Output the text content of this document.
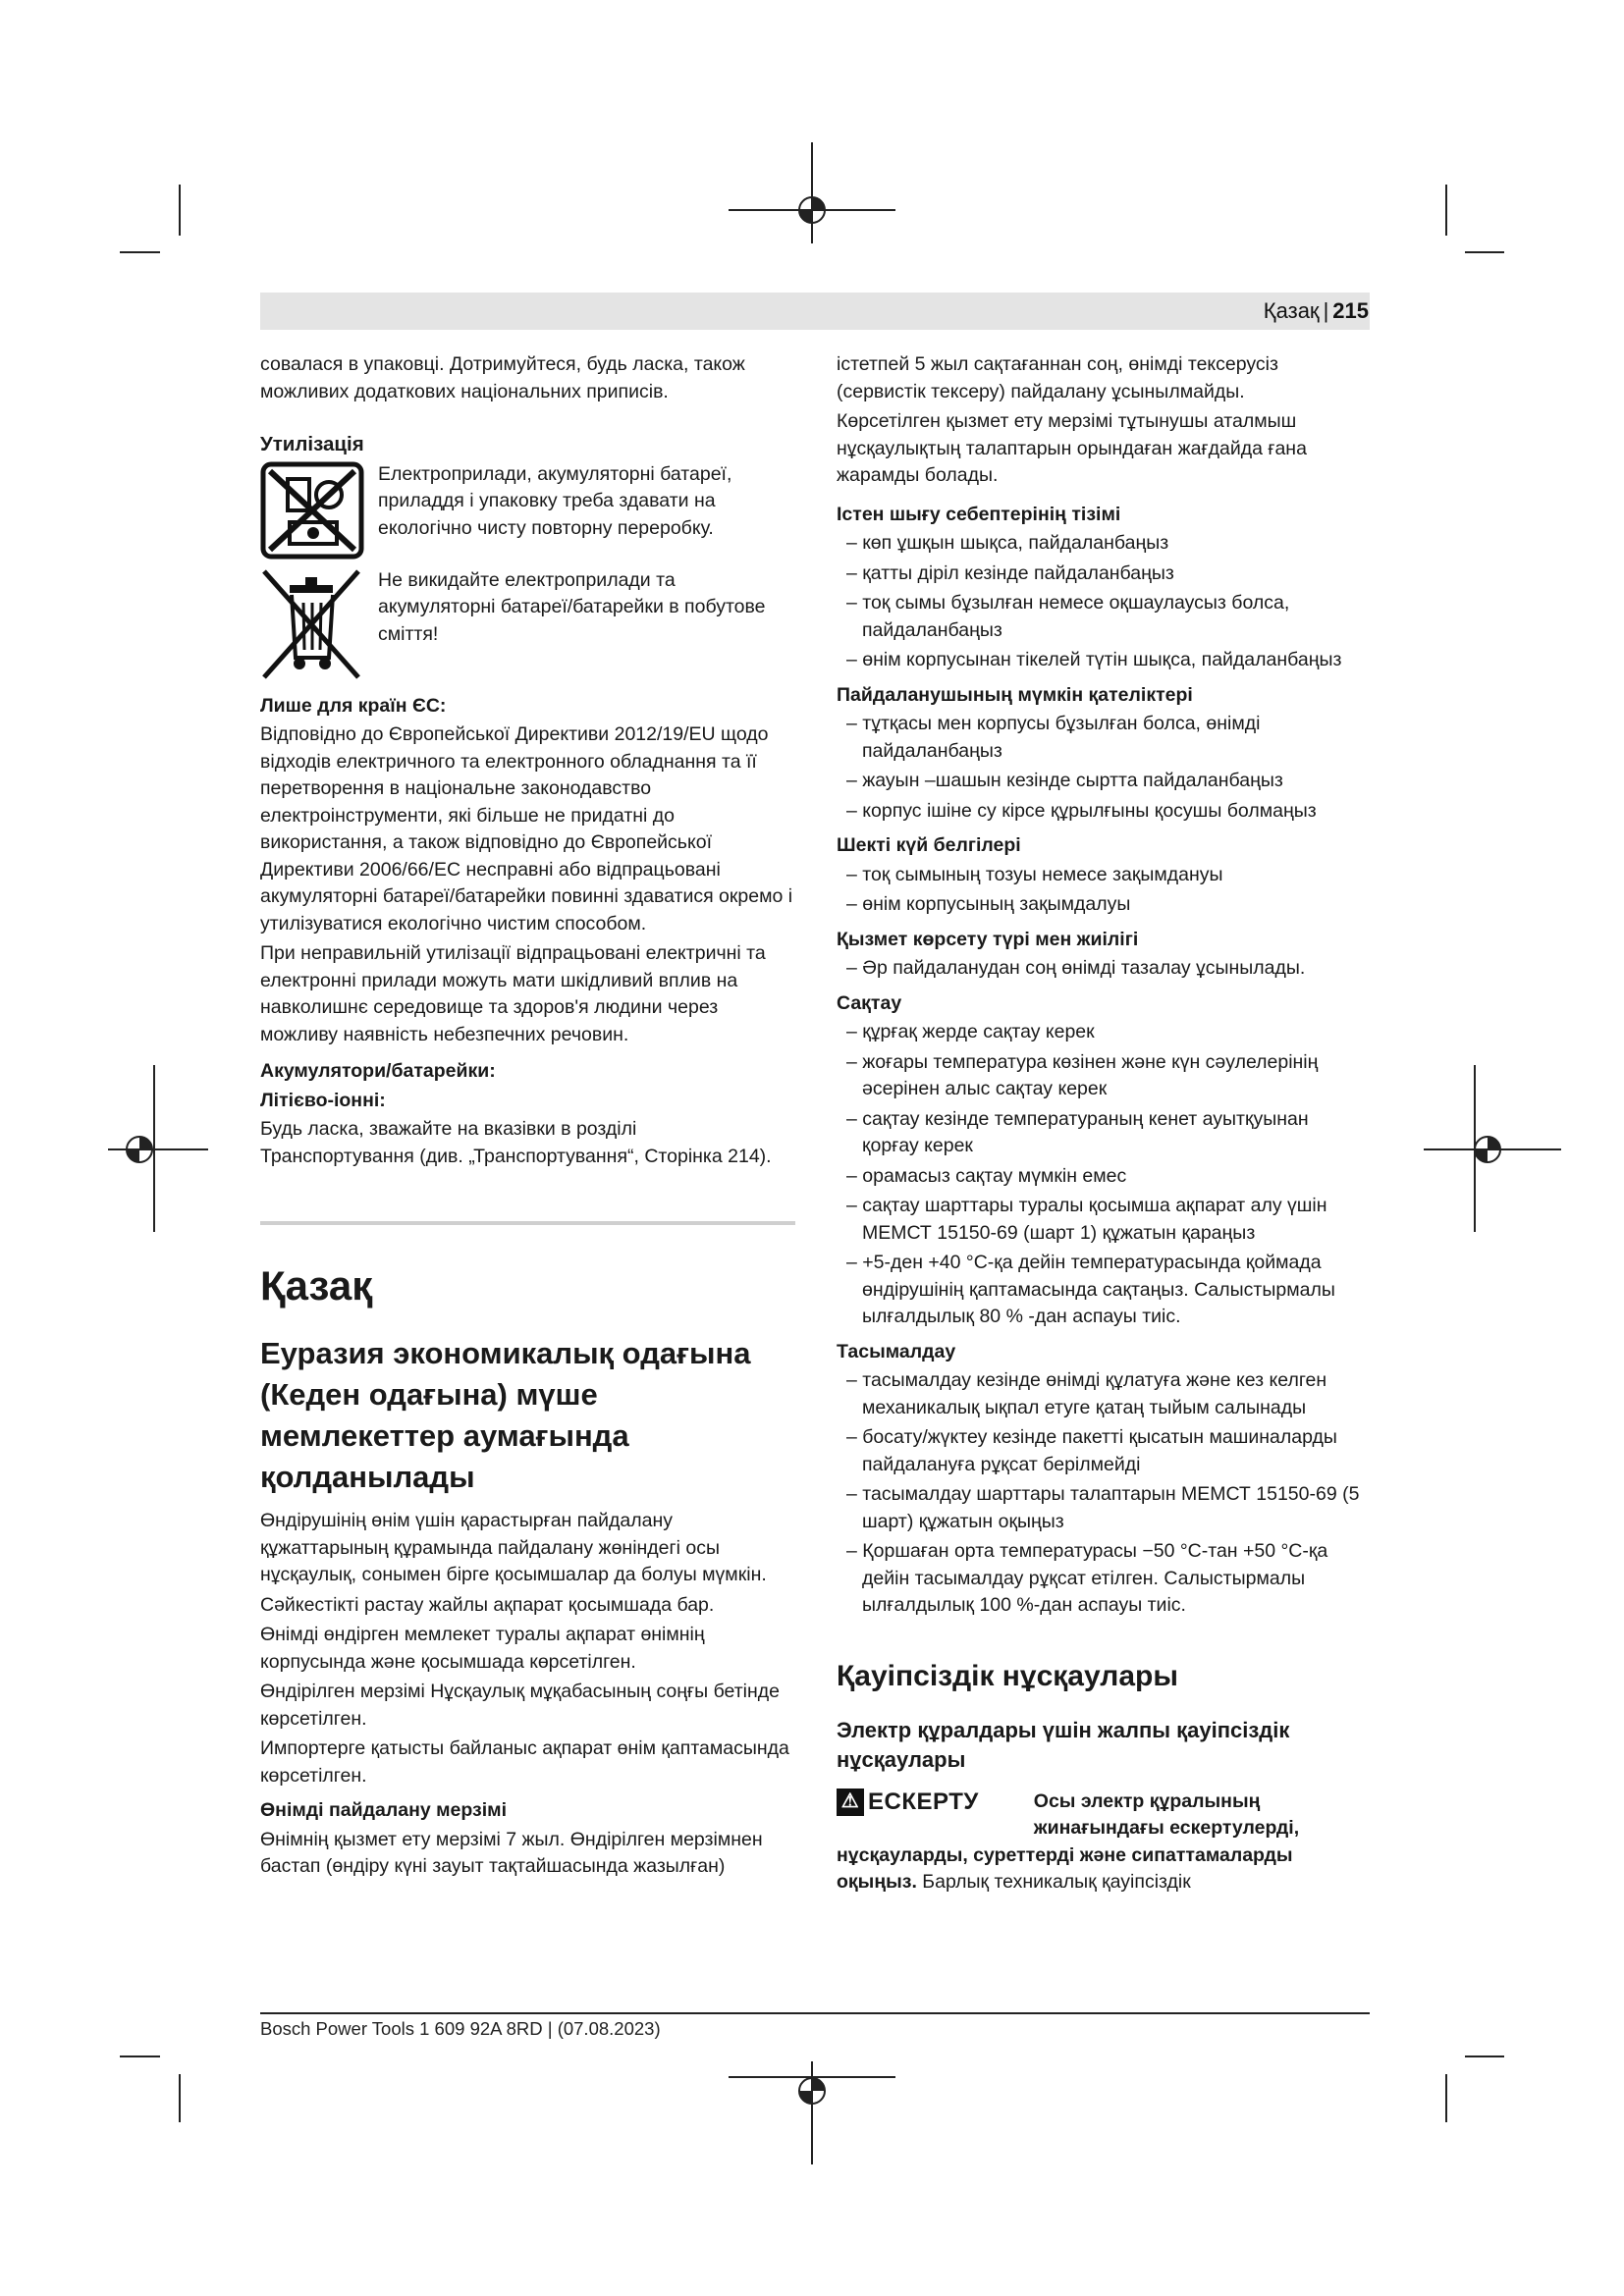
Қазақ | 215

совалася в упаковці. Дотримуйтеся, будь ласка, також можливих додаткових національних приписів.

Утилізація
Електроприлади, акумуляторні батареї, приладдя і упаковку треба здавати на екологічно чисту повторну переробку.
Не викидайте електроприлади та акумуляторні батареї/батарейки в побутове сміття!
Лише для країн ЄС:

Відповідно до Європейської Директиви 2012/19/EU щодо відходів електричного та електронного обладнання та її перетворення в національне законодавство електроінструменти, які більше не придатні до використання, а також відповідно до Європейської Директиви 2006/66/EC несправні або відпрацьовані акумуляторні батареї/батарейки повинні здаватися окремо і утилізуватися екологічно чистим способом.

При неправильній утилізації відпрацьовані електричні та електронні прилади можуть мати шкідливий вплив на навколишнє середовище та здоров'я людини через можливу наявність небезпечних речовин.

Акумулятори/батарейки:
Літієво-іонні:

Будь ласка, зважайте на вказівки в розділі Транспортування (див. „Транспортування“, Сторінка 214).

Қазақ
Еуразия экономикалық одағына (Кеден одағына) мүше мемлекеттер аумағында қолданылады

Өндірушінің өнім үшін қарастырған пайдалану құжаттарының құрамында пайдалану жөніндегі осы нұсқаулық, сонымен бірге қосымшалар да болуы мүмкін.

Сәйкестікті растау жайлы ақпарат қосымшада бар.

Өнімді өндірген мемлекет туралы ақпарат өнімнің корпусында және қосымшада көрсетілген.

Өндірілген мерзімі Нұсқаулық мұқабасының соңғы бетінде көрсетілген.

Импортерге қатысты байланыс ақпарат өнім қаптамасында көрсетілген.

Өнімді пайдалану мерзімі

Өнімнің қызмет ету мерзімі 7 жыл. Өндірілген мерзімнен бастап (өндіру күні зауыт тақтайшасында жазылған)

істетпей 5 жыл сақтағаннан соң, өнімді тексерусіз (сервистік тексеру) пайдалану ұсынылмайды.

Көрсетілген қызмет ету мерзімі тұтынушы аталмыш нұсқаулықтың талаптарын орындаған жағдайда ғана жарамды болады.

Істен шығу себептерінің тізімі
– көп ұшқын шықса, пайдаланбаңыз
– қатты діріл кезінде пайдаланбаңыз
– тоқ сымы бұзылған немесе оқшаулаусыз болса, пайдаланбаңыз
– өнім корпусынан тікелей түтін шықса, пайдаланбаңыз
Пайдаланушының мүмкін қателіктері
– тұтқасы мен корпусы бұзылған болса, өнімді пайдаланбаңыз
– жауын –шашын кезінде сыртта пайдаланбаңыз
– корпус ішіне су кірсе құрылғыны қосушы болмаңыз
Шекті күй белгілері
– тоқ сымының тозуы немесе зақымдануы
– өнім корпусының зақымдалуы
Қызмет көрсету түрі мен жиілігі
– Әр пайдаланудан соң өнімді тазалау ұсынылады.
Сақтау
– құрғақ жерде сақтау керек
– жоғары температура көзінен және күн сәулелерінің әсерінен алыс сақтау керек
– сақтау кезінде температураның кенет ауытқуынан қорғау керек
– орамасыз сақтау мүмкін емес
– сақтау шарттары туралы қосымша ақпарат алу үшін МЕМСТ 15150-69 (шарт 1) құжатын қараңыз
– +5-ден +40 °C-қа дейін температурасында қоймада өндірушінің қаптамасында сақтаңыз. Салыстырмалы ылғалдылық 80 % -дан аспауы тиіс.
Тасымалдау
– тасымалдау кезінде өнімді құлатуға және кез келген механикалық ықпал етуге қатаң тыйым салынады
– босату/жүктеу кезінде пакетті қысатын машиналарды пайдалануға рұқсат берілмейді
– тасымалдау шарттары талаптарын МЕМСТ 15150-69 (5 шарт) құжатын оқыңыз
– Қоршаған орта температурасы −50 °C-тан +50 °C-қа дейін тасымалдау рұқсат етілген. Салыстырмалы ылғалдылық 100 %-дан аспауы тиіс.
Қауіпсіздік нұсқаулары
Электр құралдары үшін жалпы қауіпсіздік нұсқаулары
⚠ ЕСКЕРТУ	Осы электр құралының жинағындағы ескертулерді,
нұсқауларды, суреттерді және сипаттамаларды оқыңыз. Барлық техникалық қауіпсіздік
Bosch Power Tools 1 609 92A 8RD | (07.08.2023)
